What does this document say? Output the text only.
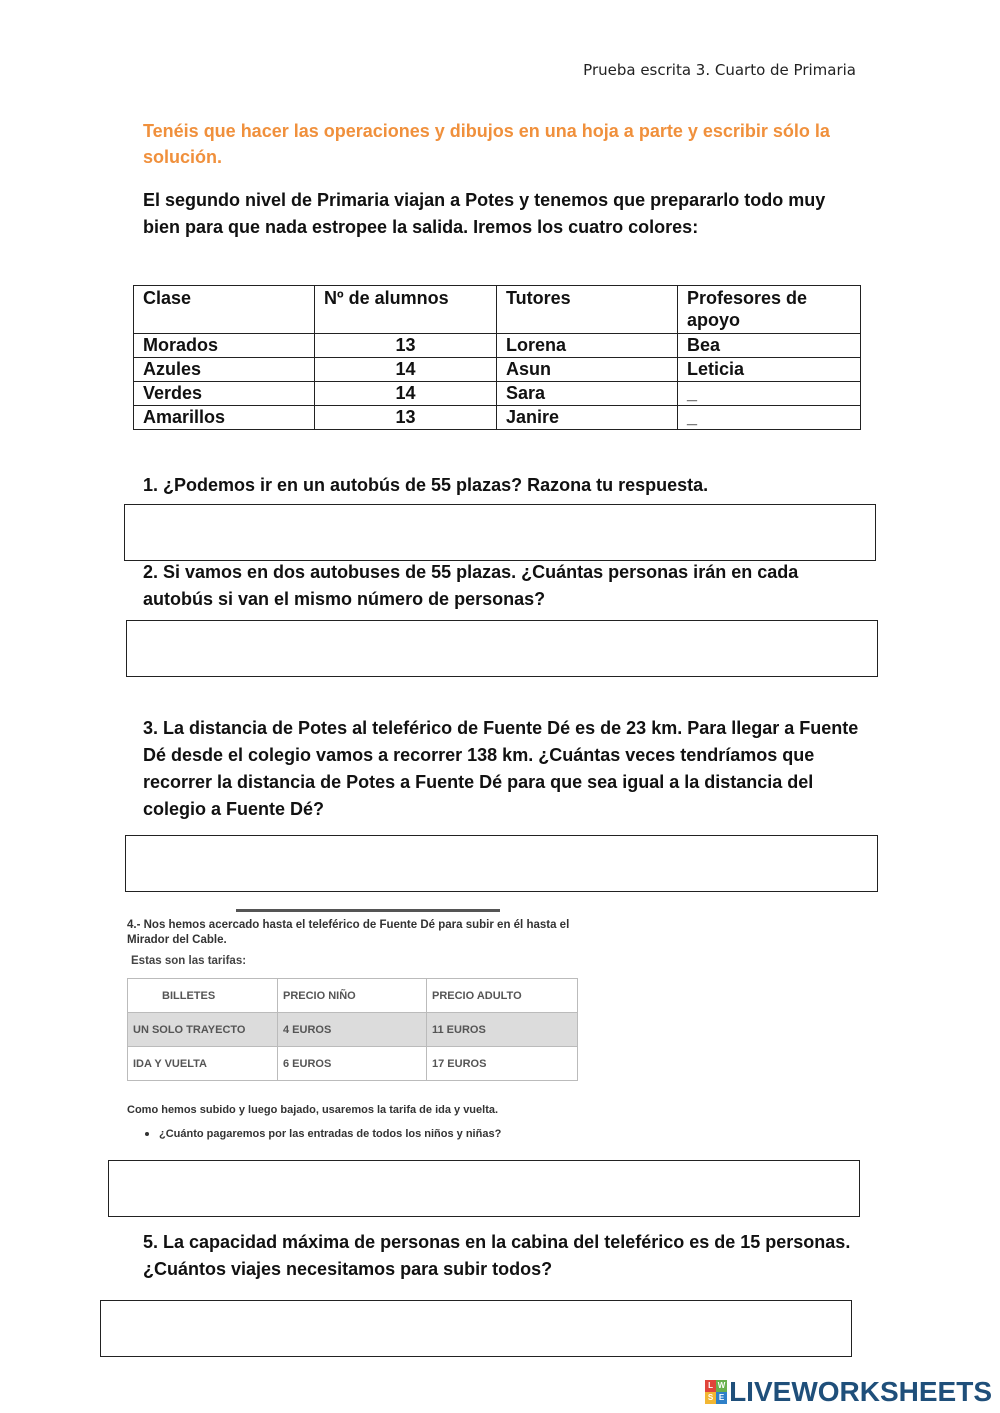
Prueba escrita 3. Cuarto de Primaria
Tenéis que hacer las operaciones y dibujos en una hoja a parte y escribir sólo la solución.
El segundo nivel de Primaria viajan a Potes y tenemos que prepararlo todo muy bien para que nada estropee la salida. Iremos los cuatro colores:
Clase	Nº de alumnos	Tutores	Profesores de apoyo
Morados	13	Lorena	Bea
Azules	14	Asun	Leticia
Verdes	14	Sara	_
Amarillos	13	Janire	_
1. ¿Podemos ir en un autobús de 55 plazas? Razona tu respuesta.
2. Si vamos en dos autobuses de 55 plazas. ¿Cuántas personas irán en cada autobús si van el mismo número de personas?
3. La distancia de Potes al teleférico de Fuente Dé es de 23 km. Para llegar a Fuente Dé desde el colegio vamos a recorrer 138 km. ¿Cuántas veces tendríamos que recorrer la distancia de Potes a Fuente Dé para que sea igual a la distancia del colegio a Fuente Dé?
4.- Nos hemos acercado hasta el teleférico de Fuente Dé para subir en él hasta el Mirador del Cable.
Estas son las tarifas:
BILLETES	PRECIO NIÑO	PRECIO ADULTO
UN SOLO TRAYECTO	4 EUROS	11 EUROS
IDA Y VUELTA	6 EUROS	17 EUROS
Como hemos subido y luego bajado, usaremos la tarifa de ida y vuelta.
¿Cuánto pagaremos por las entradas de todos los niños y niñas?
5. La capacidad máxima de personas en la cabina del teleférico es de 15 personas. ¿Cuántos viajes necesitamos para subir todos?
L W
S E LIVEWORKSHEETS
